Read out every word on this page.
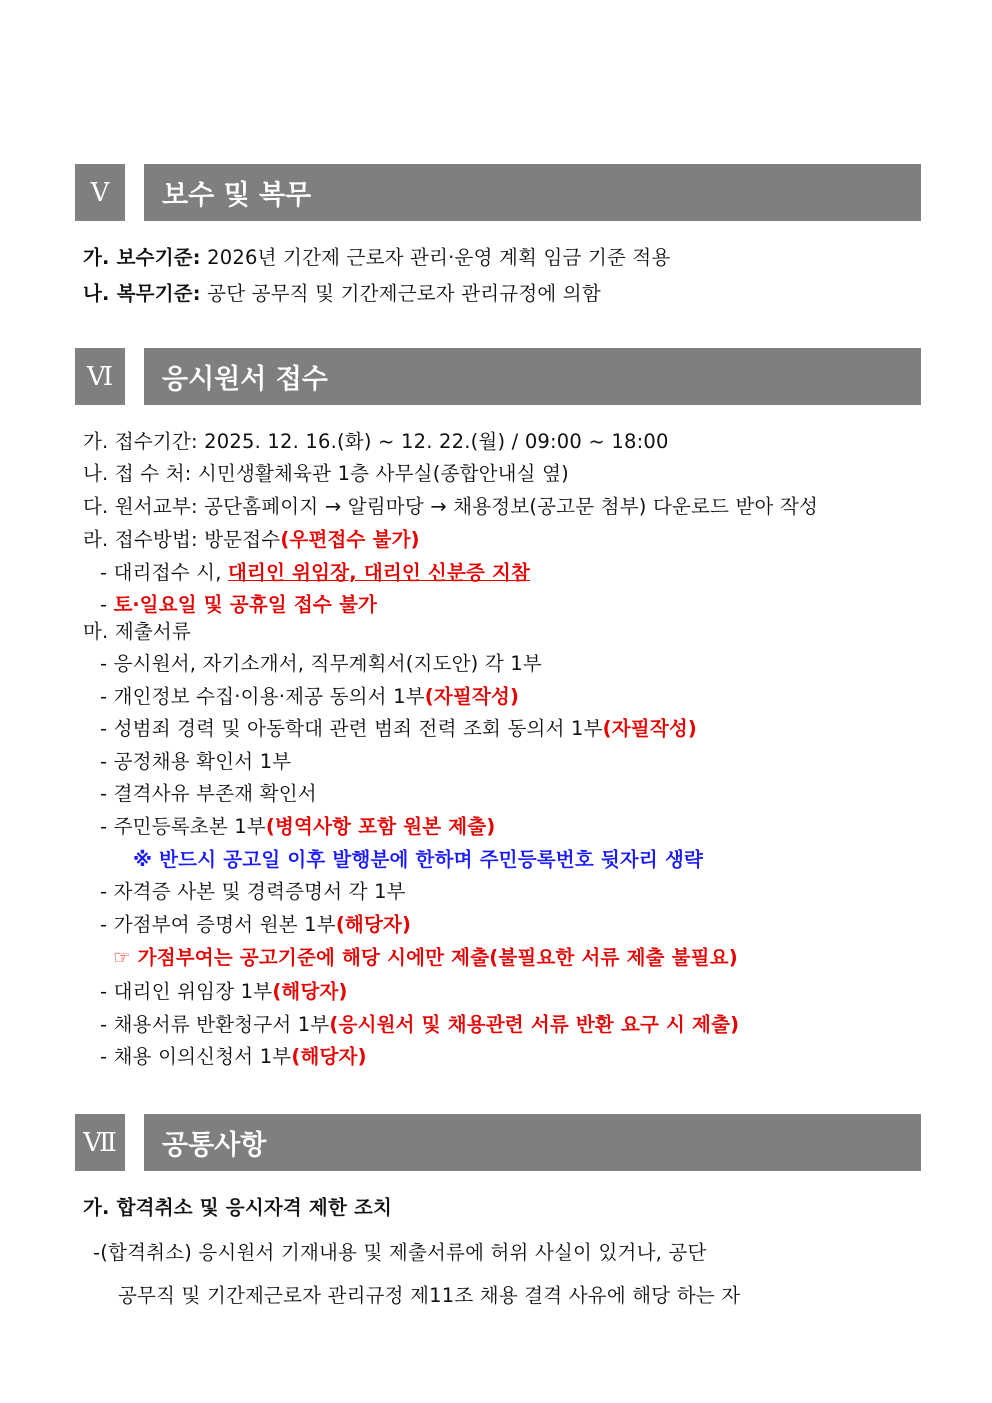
Ⅴ	보수 및 복무
가. 보수기준: 2026년 기간제 근로자 관리‧운영 계획 임금 기준 적용
나. 복무기준: 공단 공무직 및 기간제근로자 관리규정에 의함
Ⅵ	응시원서 접수
가. 접수기간: 2025. 12. 16.(화) ~ 12. 22.(월) / 09:00 ~ 18:00
나. 접 수 처: 시민생활체육관 1층 사무실(종합안내실 옆)
다. 원서교부: 공단홈페이지 → 알림마당 → 채용정보(공고문 첨부) 다운로드 받아 작성
라. 접수방법: 방문접수(우편접수 불가)
- 대리접수 시, 대리인 위임장, 대리인 신분증 지참
- 토‧일요일 및 공휴일 접수 불가
마. 제출서류
- 응시원서, 자기소개서, 직무계획서(지도안) 각 1부
- 개인정보 수집‧이용‧제공 동의서 1부(자필작성)
- 성범죄 경력 및 아동학대 관련 범죄 전력 조회 동의서 1부(자필작성)
- 공정채용 확인서 1부
- 결격사유 부존재 확인서
- 주민등록초본 1부(병역사항 포함 원본 제출)
※ 반드시 공고일 이후 발행분에 한하며 주민등록번호 뒷자리 생략
- 자격증 사본 및 경력증명서 각 1부
- 가점부여 증명서 원본 1부(해당자)
☞ 가점부여는 공고기준에 해당 시에만 제출(불필요한 서류 제출 불필요)
- 대리인 위임장 1부(해당자)
- 채용서류 반환청구서 1부(응시원서 및 채용관련 서류 반환 요구 시 제출)
- 채용 이의신청서 1부(해당자)
Ⅶ	공통사항
가. 합격취소 및 응시자격 제한 조치
-(합격취소) 응시원서 기재내용 및 제출서류에 허위 사실이 있거나, 공단
공무직 및 기간제근로자 관리규정 제11조 채용 결격 사유에 해당 하는 자
